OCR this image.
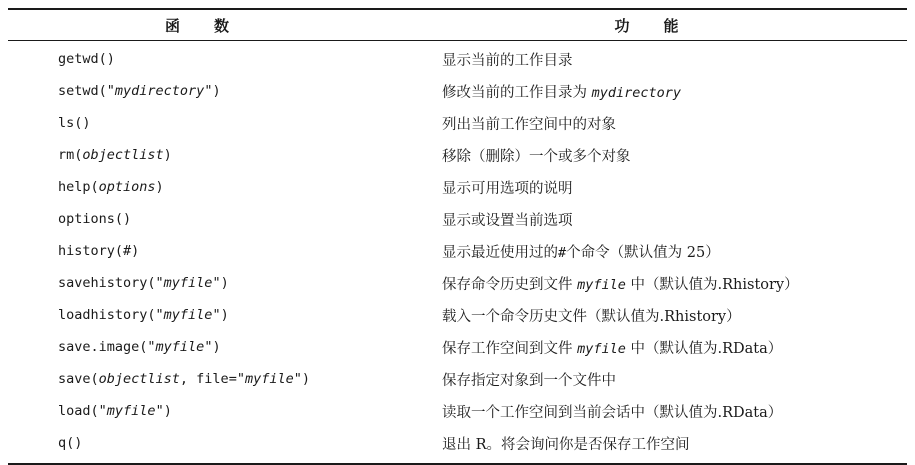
函数	功能
getwd()	显示当前的工作目录
setwd("mydirectory")	修改当前的工作目录为 mydirectory
ls()	列出当前工作空间中的对象
rm(objectlist)	移除（删除）一个或多个对象
help(options)	显示可用选项的说明
options()	显示或设置当前选项
history(#)	显示最近使用过的#个命令（默认值为 25）
savehistory("myfile")	保存命令历史到文件 myfile 中（默认值为.Rhistory）
loadhistory("myfile")	载入一个命令历史文件（默认值为.Rhistory）
save.image("myfile")	保存工作空间到文件 myfile 中（默认值为.RData）
save(objectlist, file="myfile")	保存指定对象到一个文件中
load("myfile")	读取一个工作空间到当前会话中（默认值为.RData）
q()	退出 R。将会询问你是否保存工作空间
